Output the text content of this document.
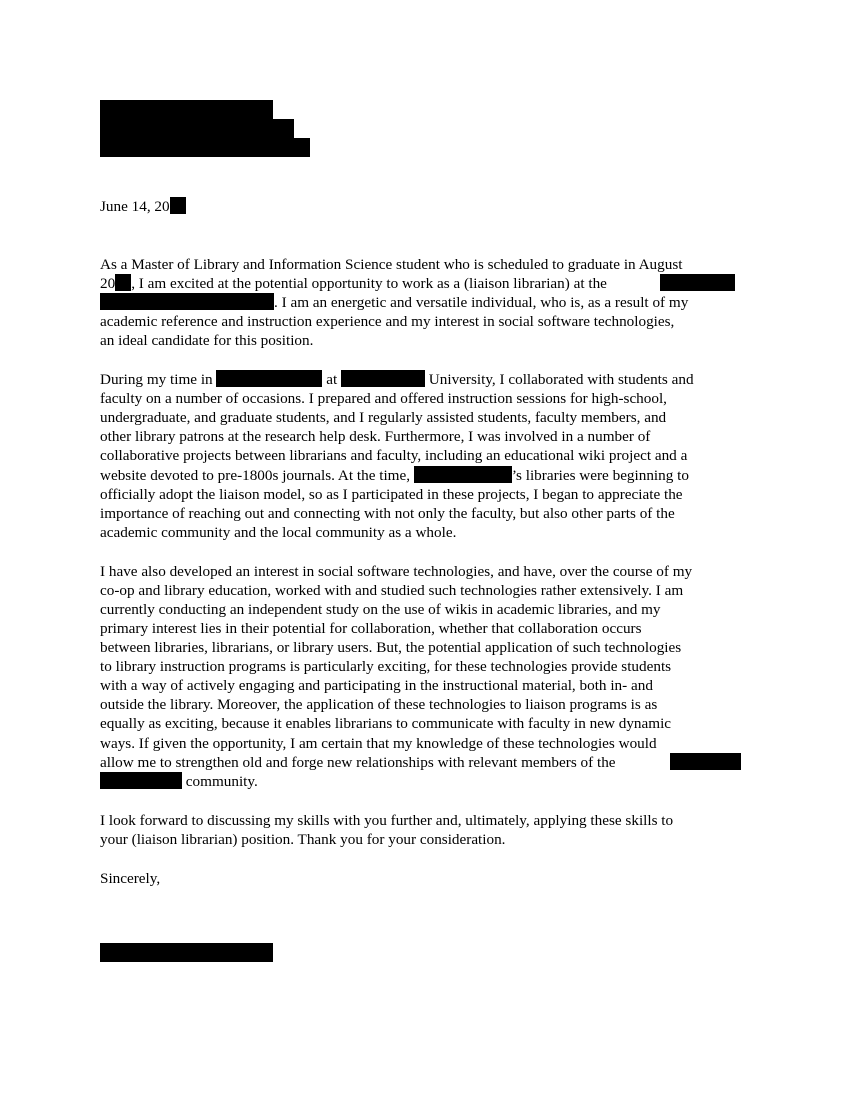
June 14, 20
As a Master of Library and Information Science student who is scheduled to graduate in August
20 , I am excited at the potential opportunity to work as a (liaison librarian) at the
. I am an energetic and versatile individual, who is, as a result of my
academic reference and instruction experience and my interest in social software technologies,
an ideal candidate for this position.
During my time in	at	University, I collaborated with students and
faculty on a number of occasions. I prepared and offered instruction sessions for high-school,
undergraduate, and graduate students, and I regularly assisted students, faculty members, and
other library patrons at the research help desk. Furthermore, I was involved in a number of
collaborative projects between librarians and faculty, including an educational wiki project and a
website devoted to pre-1800s journals. At the time,	’s libraries were beginning to
officially adopt the liaison model, so as I participated in these projects, I began to appreciate the
importance of reaching out and connecting with not only the faculty, but also other parts of the
academic community and the local community as a whole.
I have also developed an interest in social software technologies, and have, over the course of my
co-op and library education, worked with and studied such technologies rather extensively. I am
currently conducting an independent study on the use of wikis in academic libraries, and my
primary interest lies in their potential for collaboration, whether that collaboration occurs
between libraries, librarians, or library users. But, the potential application of such technologies
to library instruction programs is particularly exciting, for these technologies provide students
with a way of actively engaging and participating in the instructional material, both in- and
outside the library. Moreover, the application of these technologies to liaison programs is as
equally as exciting, because it enables librarians to communicate with faculty in new dynamic
ways. If given the opportunity, I am certain that my knowledge of these technologies would
allow me to strengthen old and forge new relationships with relevant members of the
community.
I look forward to discussing my skills with you further and, ultimately, applying these skills to
your (liaison librarian) position. Thank you for your consideration.
Sincerely,
